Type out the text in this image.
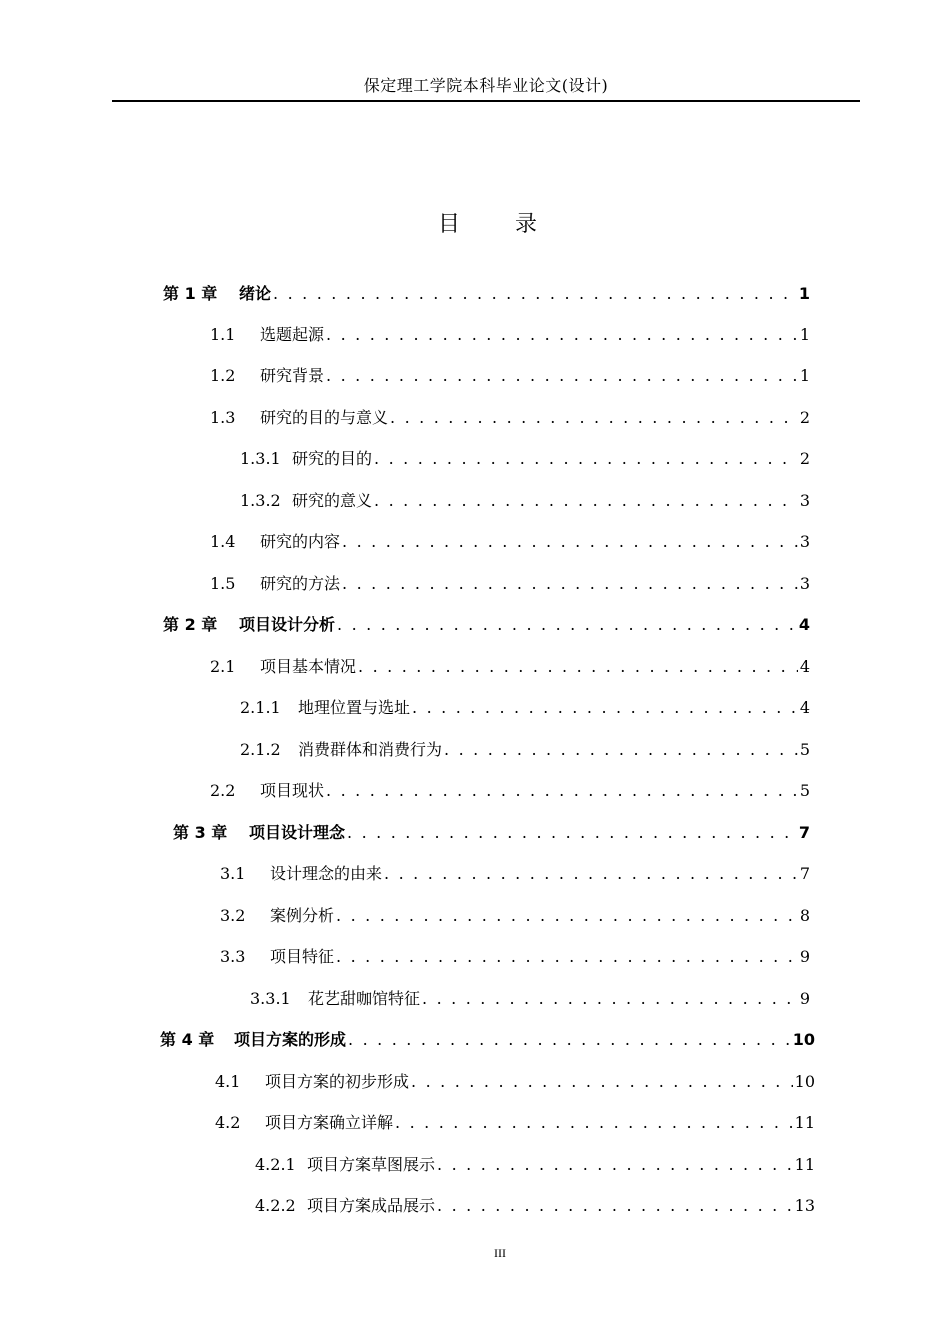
保定理工学院本科毕业论文(设计)
目	录
第 1 章	绪论 . . .	1
1.1	选题起源 . . .	1
1.2	研究背景 . . .	1
1.3	研究的目的与意义 . . .	2
1.3.1 研究的目的 . . .	2
1.3.2 研究的意义 . . .	3
1.4	研究的内容 . . .	3
1.5	研究的方法 . . .	3
第 2 章	项目设计分析 . . .	4
2.1	项目基本情况 . . .	4
2.1.1	地理位置与选址 . . .	4
2.1.2	消费群体和消费行为 . . .	5
2.2	项目现状 . . .	5
第 3 章	项目设计理念 . . .	7
3.1	设计理念的由来 . . .	7
3.2	案例分析 . . .	8
3.3	项目特征 . . .	9
3.3.1	花艺甜咖馆特征 . . .	9
第 4 章	项目方案的形成 . . .	10
4.1	项目方案的初步形成 . . .	10
4.2	项目方案确立详解 . . .	11
4.2.1 项目方案草图展示 . . .	11
4.2.2 项目方案成品展示 . . .	13
III
